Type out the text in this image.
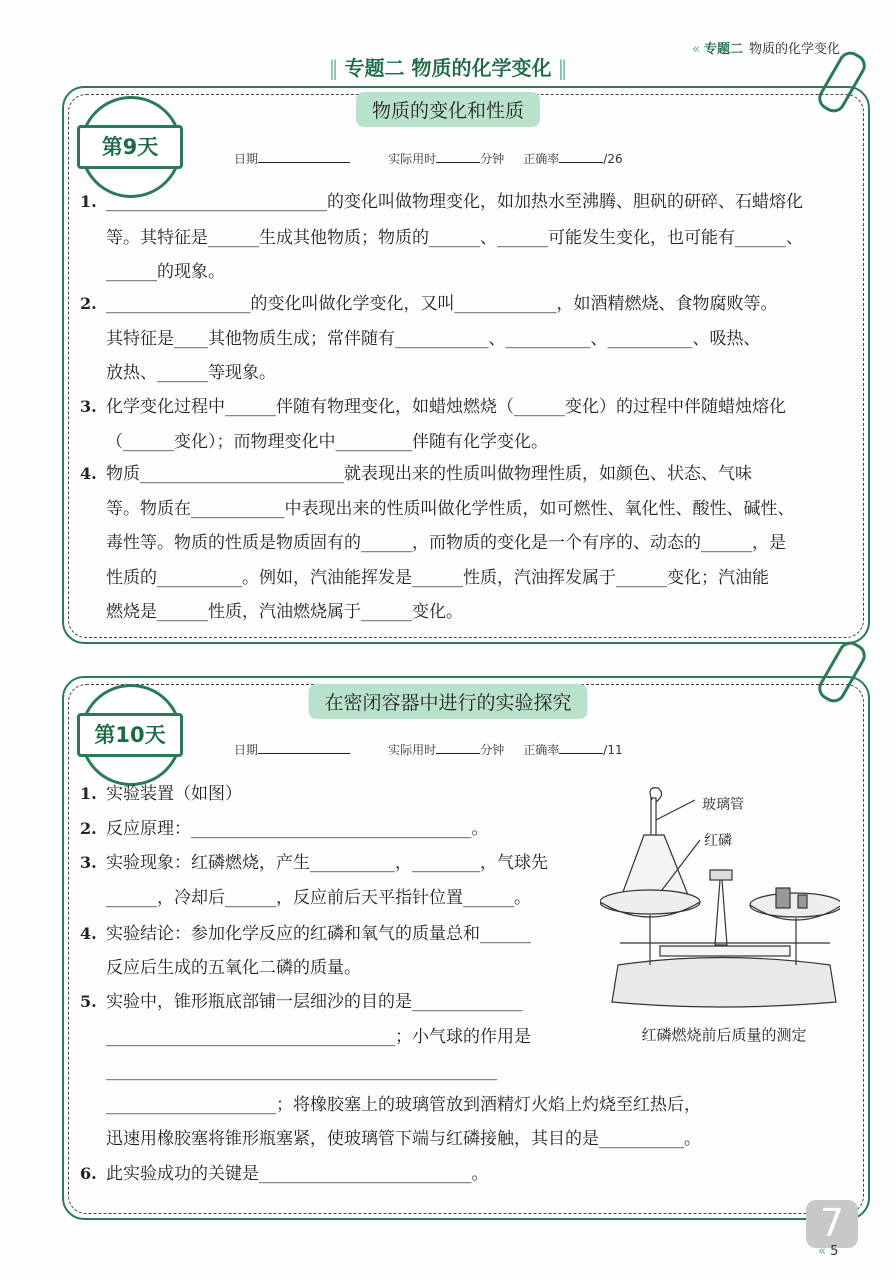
« 专题二 物质的化学变化
‖ 专题二 物质的化学变化 ‖
物质的变化和性质
第9天	日期	实际用时	分钟 正确率	/26
1. __________________________的变化叫做物理变化，如加热水至沸腾、胆矾的研碎、石蜡熔化
等。其特征是______生成其他物质；物质的______、______可能发生变化，也可能有______、
______的现象。
2. _________________的变化叫做化学变化，又叫____________，如酒精燃烧、食物腐败等。
其特征是____其他物质生成；常伴随有___________、__________、__________、吸热、
放热、______等现象。
3. 化学变化过程中______伴随有物理变化，如蜡烛燃烧（______变化）的过程中伴随蜡烛熔化
（______变化）；而物理变化中_________伴随有化学变化。
4. 物质________________________就表现出来的性质叫做物理性质，如颜色、状态、气味
等。物质在___________中表现出来的性质叫做化学性质，如可燃性、氧化性、酸性、碱性、
毒性等。物质的性质是物质固有的______，而物质的变化是一个有序的、动态的______，是
性质的__________。例如，汽油能挥发是______性质，汽油挥发属于______变化；汽油能
燃烧是______性质，汽油燃烧属于______变化。
在密闭容器中进行的实验探究
第10天
日期	实际用时	分钟 正确率	/11
1. 实验装置（如图）
2. 反应原理：_________________________________。
3. 实验现象：红磷燃烧，产生__________，________，气球先
______，冷却后______，反应前后天平指针位置______。
4. 实验结论：参加化学反应的红磷和氧气的质量总和______
反应后生成的五氧化二磷的质量。
5. 实验中，锥形瓶底部铺一层细沙的目的是_____________
__________________________________；小气球的作用是
______________________________________________
____________________；将橡胶塞上的玻璃管放到酒精灯火焰上灼烧至红热后，
迅速用橡胶塞将锥形瓶塞紧，使玻璃管下端与红磷接触，其目的是__________。
6. 此实验成功的关键是_________________________。
玻璃管
红磷
红磷燃烧前后质量的测定
7
« 5
